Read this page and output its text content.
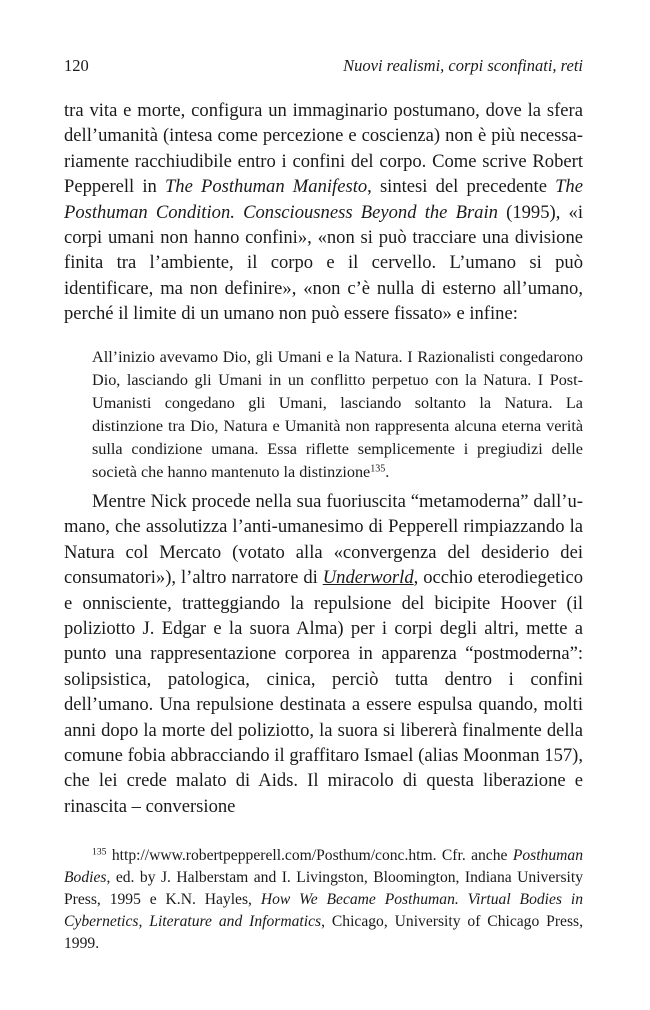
120	Nuovi realismi, corpi sconfinati, reti

tra vita e morte, configura un immaginario postumano, dove la sfera dell’umanità (intesa come percezione e coscienza) non è più necessariamente racchiudibile entro i confini del corpo. Come scrive Robert Pepperell in The Posthuman Manifesto, sintesi del precedente The Posthuman Condition. Consciousness Beyond the Brain (1995), «i corpi umani non hanno confini», «non si può tracciare una divisione finita tra l’ambiente, il corpo e il cervello. L’umano si può identificare, ma non definire», «non c’è nulla di esterno all’umano, perché il limite di un umano non può essere fissato» e infine:

All’inizio avevamo Dio, gli Umani e la Natura. I Razionalisti congedarono Dio, lasciando gli Umani in un conflitto perpetuo con la Natura. I Post-Umanisti congedano gli Umani, lasciando soltanto la Natura. La distinzione tra Dio, Natura e Umanità non rappresenta alcuna eterna verità sulla condizione umana. Essa riflette semplicemente i pregiudizi delle società che hanno mantenuto la distinzione$^{135}$.

Mentre Nick procede nella sua fuoriuscita “metamoderna” dall’umano, che assolutizza l’anti-umanesimo di Pepperell rimpiazzando la Natura col Mercato (votato alla «convergenza del desiderio dei consumatori»), l’altro narratore di Underworld, occhio eterodiegetico e onnisciente, tratteggiando la repulsione del bicipite Hoover (il poliziotto J. Edgar e la suora Alma) per i corpi degli altri, mette a punto una rappresentazione corporea in apparenza “postmoderna”: solipsistica, patologica, cinica, perciò tutta dentro i confini dell’umano. Una repulsione destinata a essere espulsa quando, molti anni dopo la morte del poliziotto, la suora si libererà finalmente della comune fobia abbracciando il graffitaro Ismael (alias Moonman 157), che lei crede malato di Aids. Il miracolo di questa liberazione e rinascita – conversione

$^{135}$ http://www.robertpepperell.com/Posthum/conc.htm. Cfr. anche Posthuman Bodies, ed. by J. Halberstam and I. Livingston, Bloomington, Indiana University Press, 1995 e K.N. Hayles, How We Became Posthuman. Virtual Bodies in Cybernetics, Literature and Informatics, Chicago, University of Chicago Press, 1999.
